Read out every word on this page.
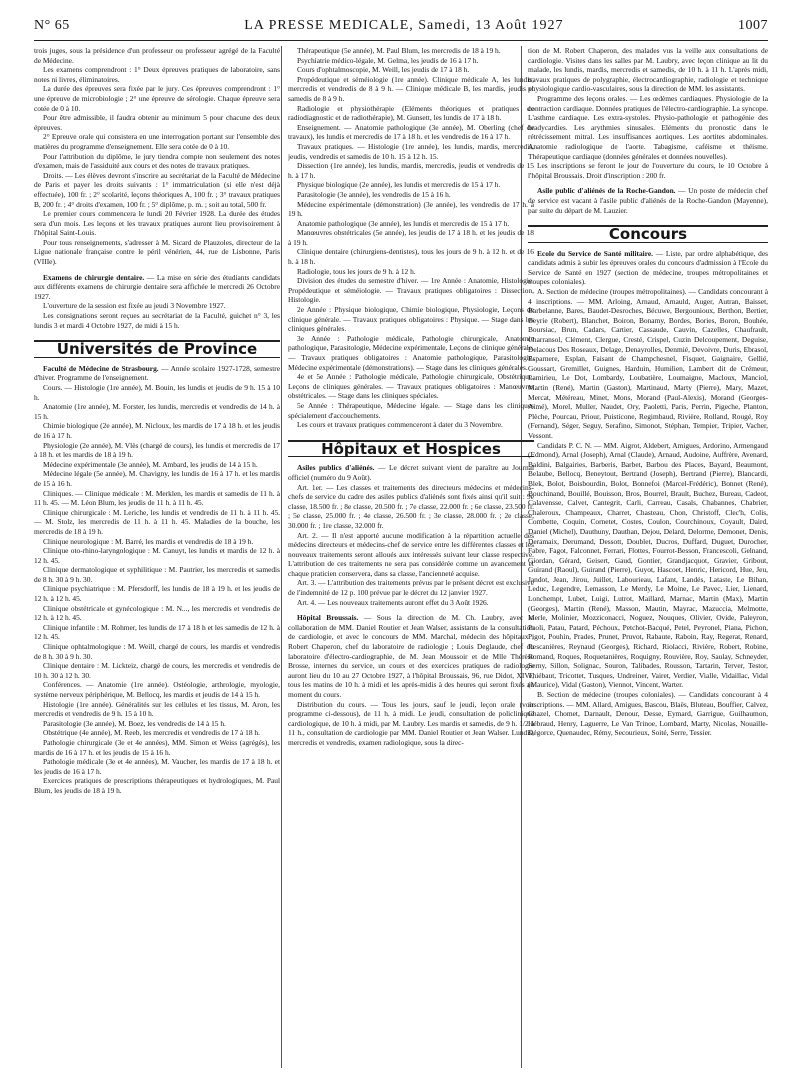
N° 65	LA PRESSE MEDICALE, Samedi, 13 Août 1927	1007

trois juges, sous la présidence d'un professeur ou professeur agrégé de la Faculté de Médecine.

Les examens comprendront : 1° Deux épreuves pratiques de laboratoire, sans notes ni livres, éliminatoires.

La durée des épreuves sera fixée par le jury. Ces épreuves comprendront : 1° une épreuve de microbiologie ; 2° une épreuve de sérologie. Chaque épreuve sera cotée de 0 à 10.

Pour être admissible, il faudra obtenir au minimum 5 pour chacune des deux épreuves.

2° Epreuve orale qui consistera en une interrogation portant sur l'ensemble des matières du programme d'enseignement. Elle sera cotée de 0 à 10.

Pour l'attribution du diplôme, le jury tiendra compte non seulement des notes d'examen, mais de l'assiduité aux cours et des notes de travaux pratiques.

Droits. — Les élèves devront s'inscrire au secrétariat de la Faculté de Médecine de Paris et payer les droits suivants : 1° immatriculation (si elle n'est déjà effectuée), 100 fr. ; 2° scolarité, leçons théoriques A, 100 fr. ; 3° travaux pratiques B, 200 fr. ; 4° droits d'examen, 100 fr. ; 5° diplôme, p. m. ; soit au total, 500 fr.

Le premier cours commencera le lundi 20 Février 1928. La durée des études sera d'un mois. Les leçons et les travaux pratiques auront lieu provisoirement à l'hôpital Saint-Louis.

Pour tous renseignements, s'adresser à M. Sicard de Plauzoles, directeur de la Ligue nationale française contre le péril vénérien, 44, rue de Lisbonne, Paris (VIIIe).

Examens de chirurgie dentaire. — La mise en série des étudiants candidats aux différents examens de chirurgie dentaire sera affichée le mercredi 26 Octobre 1927.

L'ouverture de la session est fixée au jeudi 3 Novembre 1927.

Les consignations seront reçues au secrétariat de la Faculté, guichet n° 3, les lundis 3 et mardi 4 Octobre 1927, de midi à 15 h.

Universités de Province

Faculté de Médecine de Strasbourg. — Année scolaire 1927-1728, semestre d'hiver. Programme de l'enseignement.

Cours. — Histologie (1re année), M. Bouin, les lundis et jeudis de 9 h. 15 à 10 h.

Anatomie (1re année), M. Forster, les lundis, mercredis et vendredis de 14 h. à 15 h.

Chimie biologique (2e année), M. Nicloux, les mardis de 17 à 18 h. et les jeudis de 16 à 17 h.

Physiologie (2e année), M. Vlès (chargé de cours), les lundis et mercredis de 17 à 18 h. et les mardis de 18 à 19 h.

Médecine expérimentale (3e année), M. Ambard, les jeudis de 14 à 15 h.

Médecine légale (5e année), M. Chavigny, les lundis de 16 à 17 h. et les mardis de 15 à 16 h.

Cliniques. — Clinique médicale : M. Merklen, les mardis et samedis de 11 h. à 11 h. 45. — M. Léon Blum, les jeudis de 11 h. à 11 h. 45.

Clinique chirurgicale : M. Leriche, les lundis et vendredis de 11 h. à 11 h. 45. — M. Stolz, les mercredis de 11 h. à 11 h. 45. Maladies de la bouche, les mercredis de 18 à 19 h.

Clinique neurologique : M. Barré, les mardis et vendredis de 18 à 19 h.

Clinique oto-rhino-laryngologique : M. Canuyt, les lundis et mardis de 12 h. à 12 h. 45.

Clinique dermatologique et syphilitique : M. Pautrier, les mercredis et samedis de 8 h. 30 à 9 h. 30.

Clinique psychiatrique : M. Pfersdorff, les lundis de 18 à 19 h. et les jeudis de 12 h. à 12 h. 45.

Clinique obstétricale et gynécologique : M. N..., les mercredis et vendredis de 12 h. à 12 h. 45.

Clinique infantile : M. Rohmer, les lundis de 17 à 18 h et les samedis de 12 h. à 12 h. 45.

Clinique ophtalmologique : M. Weill, chargé de cours, les mardis et vendredis de 8 h. 30 à 9 h. 30.

Clinique dentaire : M. Lickteiz, chargé de cours, les mercredis et vendredis de 10 h. 30 à 12 h. 30.

Conférences. — Anatomie (1re année). Ostéologie, arthrologie, myologie, système nerveux périphérique, M. Bellocq, les mardis et jeudis de 14 à 15 h.

Histologie (1re année). Généralités sur les cellules et les tissus, M. Aron, les mercredis et vendredis de 9 h. 15 à 10 h.

Parasitologie (3e année), M. Boez, les vendredis de 14 à 15 h.

Obstétrique (4e année), M. Reeb, les mercredis et vendredis de 17 à 18 h.

Pathologie chirurgicale (3e et 4e années), MM. Simon et Weiss (agrégés), les mardis de 16 à 17 h. et les jeudis de 15 à 16 h.

Pathologie médicale (3e et 4e années), M. Vaucher, les mardis de 17 à 18 h. et les jeudis de 16 à 17 h.

Exercices pratiques de prescriptions thérapeutiques et hydrologiques, M. Paul Blum, les jeudis de 18 à 19 h.

Thérapeutique (5e année), M. Paul Blum, les mercredis de 18 à 19 h.

Psychiatrie médico-légale, M. Gelma, les jeudis de 16 à 17 h.

Cours d'ophtalmoscopie, M. Weill, les jeudis de 17 à 18 h.

Propédeutique et séméiologie (1re année). Clinique médicale A, les lundis, mercredis et vendredis de 8 à 9 h. — Clinique médicale B, les mardis, jeudis et samedis de 8 à 9 h.

Radiologie et physiothérapie (Eléments théoriques et pratiques de radiodiagnostic et de radiothérapie), M. Gunsett, les lundis de 17 à 18 h.

Enseignement. — Anatomie pathologique (3e année), M. Oberling (chef de travaux), les lundis et mercredis de 17 à 18 h. et les vendredis de 16 à 17 h.

Travaux pratiques. — Histologie (1re année), les lundis, mardis, mercredis, jeudis, vendredis et samedis de 10 h. 15 à 12 h. 15.

Dissection (1re année), les lundis, mardis, mercredis, jeudis et vendredis de 15 h. à 17 h.

Physique biologique (2e année), les lundis et mercredis de 15 à 17 h.

Parasitologie (3e année), les vendredis de 15 à 16 h.

Médecine expérimentale (démonstration) (3e année), les vendredis de 17 h. à 19 h.

Anatomie pathologique (3e année), les lundis et mercredis de 15 à 17 h.

Manœuvres obstétricales (5e année), les jeudis de 17 à 18 h. et les jeudis de 18 à 19 h.

Clinique dentaire (chirurgiens-dentistes), tous les jours de 9 h. à 12 h. et de 16 h. à 18 h.

Radiologie, tous les jours de 9 h. à 12 h.

Division des études du semestre d'hiver. — 1re Année : Anatomie, Histologie, Propédeutique et séméiologie. — Travaux pratiques obligatoires : Dissection, Histologie.

2e Année : Physique biologique, Chimie biologique, Physiologie, Leçons de clinique générale. — Travaux pratiques obligatoires : Physique. — Stage dans les cliniques générales.

3e Année : Pathologie médicale, Pathologie chirurgicale, Anatomie pathologique, Parasitologie, Médecine expérimentale, Leçons de clinique générale. — Travaux pratiques obligatoires : Anatomie pathologique, Parasitologie, Médecine expérimentale (démonstrations). — Stage dans les cliniques générales.

4e et 5e Année : Pathologie médicale, Pathologie chirurgicale, Obstétrique, Leçons de cliniques générales. — Travaux pratiques obligatoires : Manœuvres obstétricales. — Stage dans les cliniques spéciales.

5e Année : Thérapeutique, Médecine légale. — Stage dans les cliniques spécialement d'accouchements.

Les cours et travaux pratiques commenceront à dater du 3 Novembre.

Hôpitaux et Hospices

Asiles publics d'aliénés. — Le décret suivant vient de paraître au Journal officiel (numéro du 9 Août).

Art. 1er. — Les classes et traitements des directeurs médecins et médecins-chefs de service du cadre des asiles publics d'aliénés sont fixés ainsi qu'il suit : 9e classe, 18.500 fr. ; 8e classe, 20.500 fr. ; 7e classe, 22.000 fr. ; 6e classe, 23.500 fr. ; 5e classe, 25.000 fr. ; 4e classe, 26.500 fr. ; 3e classe, 28.000 fr. ; 2e classe, 30.000 fr. ; 1re classe, 32.000 fr.

Art. 2. — Il n'est apporté aucune modification à la répartition actuelle des médecins directeurs et médecins-chef de service entre les différentes classes et les nouveaux traitements seront alloués aux intéressés suivant leur classe respective. L'attribution de ces traitements ne sera pas considérée comme un avancement et chaque praticien conservera, dans sa classe, l'ancienneté acquise.

Art. 3. — L'attribution des traitements prévus par le présent décret est exclusive de l'indemnité de 12 p. 100 prévue par le décret du 12 janvier 1927.

Art. 4. — Les nouveaux traitements auront effet du 3 Août 1926.

Hôpital Broussais. — Sous la direction de M. Ch. Laubry, avec la collaboration de MM. Daniel Routier et Jean Walser, assistants de la consultation de cardiologie, et avec le concours de MM. Marchal, médecin des hôpitaux ; Robert Chaperon, chef du laboratoire de radiologie ; Louis Deglaude, chef du laboratoire d'électro-cardiographie, de M. Jean Moussoir et de Mlle Thérèse Brosse, internes du service, un cours et des exercices pratiques de radiologie auront lieu du 10 au 27 Octobre 1927, à l'hôpital Broussais, 96, rue Didot, XIVe, tous les matins de 10 h. à midi et les après-midis à des heures qui seront fixés au moment du cours.

Distribution du cours. — Tous les jours, sauf le jeudi, leçon orale (voir programme ci-dessous), de 11 h. à midi. Le jeudi, consultation de policlinique cardiologique, de 10 h. à midi, par M. Laubry. Les mardis et samedis, de 9 h. 1/2 à 11 h., consultation de cardiologie par MM. Daniel Routier et Jean Walser. Lundis, mercredis et vendredis, examen radiologique, sous la direc-

tion de M. Robert Chaperon, des malades vus la veille aux consultations de cardiologie. Visites dans les salles par M. Laubry, avec leçon clinique au lit du malade, les lundis, mardis, mercredis et samedis, de 10 h. à 11 h. L'après midi, travaux pratiques de polygraphie, électrocardiographie, radiologie et technique physiologique cardio-vasculaires, sous la direction de MM. les assistants.

Programme des leçons orales. — Les œdèmes cardiaques. Physiologie de la contraction cardiaque. Données pratiques de l'électro-cardiographie. La syncope. L'asthme cardiaque. Les extra-systoles. Physio-pathologie et pathogénie des bradycardies. Les arythmies sinusales. Eléments du pronostic dans le rétrécissement mitral. Les insuffisances aortiques. Les aortites abdominales. Anatomie radiologique de l'aorte. Tabagisme, caféisme et théisme. Thérapeutique cardiaque (données générales et données nouvelles).

Les inscriptions se feront le jour de l'ouverture du cours, le 10 Octobre à l'hôpital Broussais. Droit d'inscription : 200 fr.

Asile public d'aliénés de la Roche-Gandon. — Un poste de médecin chef de service est vacant à l'asile public d'aliénés de la Roche-Gandon (Mayenne), par suite du départ de M. Lauzier.

Concours

Ecole du Service de Santé militaire. — Liste, par ordre alphabétique, des candidats admis à subir les épreuves orales du concours d'admission à l'Ecole du Service de Santé en 1927 (section de médecine, troupes métropolitaines et troupes coloniales).

A. Section de médecine (troupes métropolitaines). — Candidats concourant à 4 inscriptions. — MM. Arloing, Arnaud, Arnauld, Auger, Autran, Baisset, Barbelanne, Bares, Baudet-Desroches, Bécuwe, Bergounioux, Berthon, Bertier, Beyrie (Robert), Blanchet, Boiron, Bonamy, Bordes, Bories, Boron, Bouhée, Boursiac, Brun, Cadars, Cartier, Cassaude, Cauvin, Cazelles, Chaufrault, Charransol, Clément, Clergue, Cresté, Crispel, Cuzin Delcoupement, Deguise, Delacous Des Roseaux, Delage, Denayrolles, Denmié, Devoivre, Duris, Ebrasol, Esparnere, Esplan, Faisant de Champchesnel, Fisquet, Gaignaire, Gellié, Goussart, Gremillet, Guignes, Harduin, Humilien, Lambert dit de Crémeur, Lamirieu, Le Dot, Lombardy, Loubatière, Loumaigne, Macloux, Manciol, Martin (René), Martin (Gaston), Martinaud, Marty (Pierre), Mary, Mazet, Mercat, Météreau, Minet, Mons, Morand (Paul-Alexis), Morand (Georges-Aimé), Morel, Muller, Naudet, Ory, Paoletti, Paris, Perrin, Pigeche, Planton, Plèche, Pourcau, Priour, Puisticone, Regimbaud, Rivière, Rolland, Rougé, Roy (Fernand), Séger, Seguy, Serafino, Simonot, Stéphan, Tempier, Tripier, Vacher, Vessont.

Candidats P. C. N. — MM. Aigrot, Aldebert, Amigues, Ardorino, Armengaud (Edmond), Arnal (Joseph), Arnal (Claude), Arnaud, Audoine, Auffrère, Avenard, Baldini, Balgairies, Barberis, Barbet, Barbou des Places, Bayard, Beaumont, Belaube, Bellocq, Beneytout, Bertrand (Joseph), Bertrand (Pierre), Blancardi, Blek, Bolot, Boisbourdin, Bolot, Bonnefoi (Marcel-Frédéric), Bonnet (René), Bouchinand, Bouillé, Bouisson, Bros, Bourrel, Brault, Buchez, Bureau, Cadeot, Calavensse, Calvet, Cantegrit, Carli, Carreau, Casals, Chabannes, Chabrier, Chaleroux, Champeaux, Charret, Chasteau, Chon, Christoff, Clec'h, Colis, Combette, Coquin, Cornetet, Costes, Coulon, Courchinoux, Coyault, Daird, Daniel (Michel), Dauthuny, Dauthan, Dejou, Delard, Delorme, Demonet, Denis, Deramaix, Derumand, Dessott, Doublet, Ducros, Duffard, Duguet, Durocher, Fabre, Fagot, Falconnet, Ferrari, Flottes, Fourrot-Besson, Francescoli, Gelnand, Giordan, Gérard, Geisert, Gaud, Gontier, Grandjacquot, Gravier, Gribout, Guirand (Raoul), Guirand (Pierre), Guyot, Hascoet, Henric, Hericord, Hue, Jeu, Jandot, Jean, Jirou, Juillet, Labourieau, Lafant, Landés, Lataste, Le Bihan, Leduc, Legendre, Lemasson, Le Merdy, Le Moine, Le Pavec, Lier, Lienard, Lonchempt, Lubet, Luigi, Lutrot, Maillard, Marnac, Martin (Max), Martin (Georges), Martin (René), Masson, Mautin, Mayrac, Mazuccia, Melmotte, Merle, Molinier, Mozziconacci, Noguez, Nouques, Olivier, Ovide, Paleyron, Paoli, Patau, Patard, Péchoux, Petchot-Bacqué, Petel, Peyronel, Piana, Pichon, Pigot, Pouhin, Prades, Prunet, Pruvot, Rabaute, Raboin, Ray, Regerat, Renard, Rescanières, Reynaud (Georges), Richard, Riolacci, Rivière, Robert, Robine, Romand, Roques, Roquetanières, Roquigny, Rouvière, Roy, Saulay, Schneyder, Serny, Sillon, Solignac, Souron, Talibades, Rousson, Tartarin, Terver, Testor, Thiébaut, Tricottet, Tusques, Undreiner, Vairet, Verdier, Vialle, Vidaillac, Vidal (Maurice), Vidal (Gaston), Viennot, Vincent, Warter.

B. Section de médecine (troupes coloniales). — Candidats concourant à 4 inscriptions. — MM. Allard, Amigues, Bascou, Blaës, Bluteau, Bouffier, Calvez, Chazel, Chomet, Darnault, Denour, Desse, Eymard, Garrigue, Guilhaumon, Hébraud, Henry, Laguerre, Le Van Trinoe, Lombard, Marty, Nicolas, Nouaille-Dégorce, Quenaudec, Rémy, Secourieux, Soité, Serre, Tessier.
